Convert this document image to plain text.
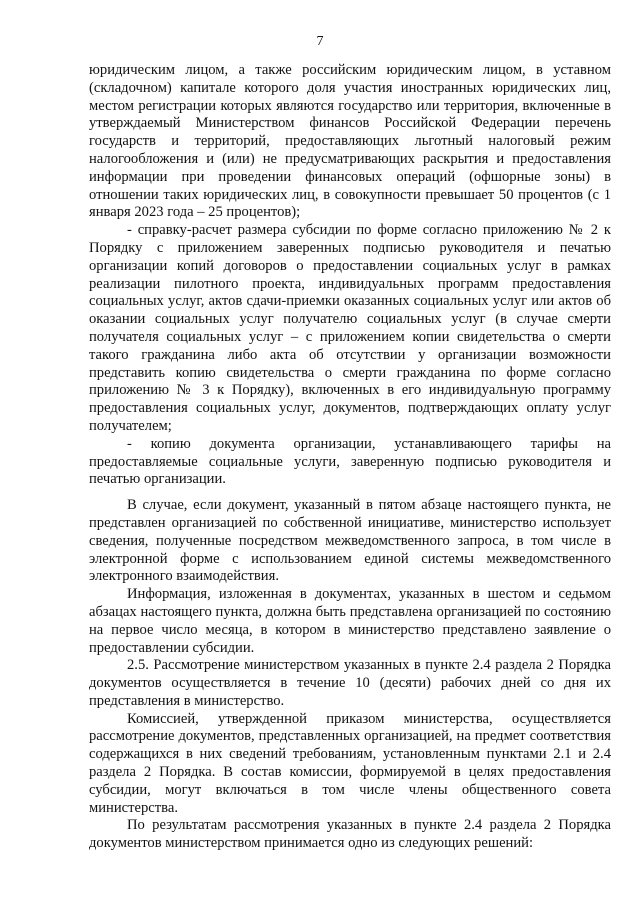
7

юридическим лицом, а также российским юридическим лицом, в уставном (складочном) капитале которого доля участия иностранных юридических лиц, местом регистрации которых являются государство или территория, включенные в утверждаемый Министерством финансов Российской Федерации перечень государств и территорий, предоставляющих льготный налоговый режим налогообложения и (или) не предусматривающих раскрытия и предоставления информации при проведении финансовых операций (офшорные зоны) в отношении таких юридических лиц, в совокупности превышает 50 процентов (с 1 января 2023 года – 25 процентов);

- справку-расчет размера субсидии по форме согласно приложению № 2 к Порядку с приложением заверенных подписью руководителя и печатью организации копий договоров о предоставлении социальных услуг в рамках реализации пилотного проекта, индивидуальных программ предоставления социальных услуг, актов сдачи-приемки оказанных социальных услуг или актов об оказании социальных услуг получателю социальных услуг (в случае смерти получателя социальных услуг – с приложением копии свидетельства о смерти такого гражданина либо акта об отсутствии у организации возможности представить копию свидетельства о смерти гражданина по форме согласно приложению № 3 к Порядку), включенных в его индивидуальную программу предоставления социальных услуг, документов, подтверждающих оплату услуг получателем;

- копию документа организации, устанавливающего тарифы на предоставляемые социальные услуги, заверенную подписью руководителя и печатью организации.

В случае, если документ, указанный в пятом абзаце настоящего пункта, не представлен организацией по собственной инициативе, министерство использует сведения, полученные посредством межведомственного запроса, в том числе в электронной форме с использованием единой системы межведомственного электронного взаимодействия.

Информация, изложенная в документах, указанных в шестом и седьмом абзацах настоящего пункта, должна быть представлена организацией по состоянию на первое число месяца, в котором в министерство представлено заявление о предоставлении субсидии.

2.5. Рассмотрение министерством указанных в пункте 2.4 раздела 2 Порядка документов осуществляется в течение 10 (десяти) рабочих дней со дня их представления в министерство.

Комиссией, утвержденной приказом министерства, осуществляется рассмотрение документов, представленных организацией, на предмет соответствия содержащихся в них сведений требованиям, установленным пунктами 2.1 и 2.4 раздела 2 Порядка. В состав комиссии, формируемой в целях предоставления субсидии, могут включаться в том числе члены общественного совета министерства.

По результатам рассмотрения указанных в пункте 2.4 раздела 2 Порядка документов министерством принимается одно из следующих решений:
